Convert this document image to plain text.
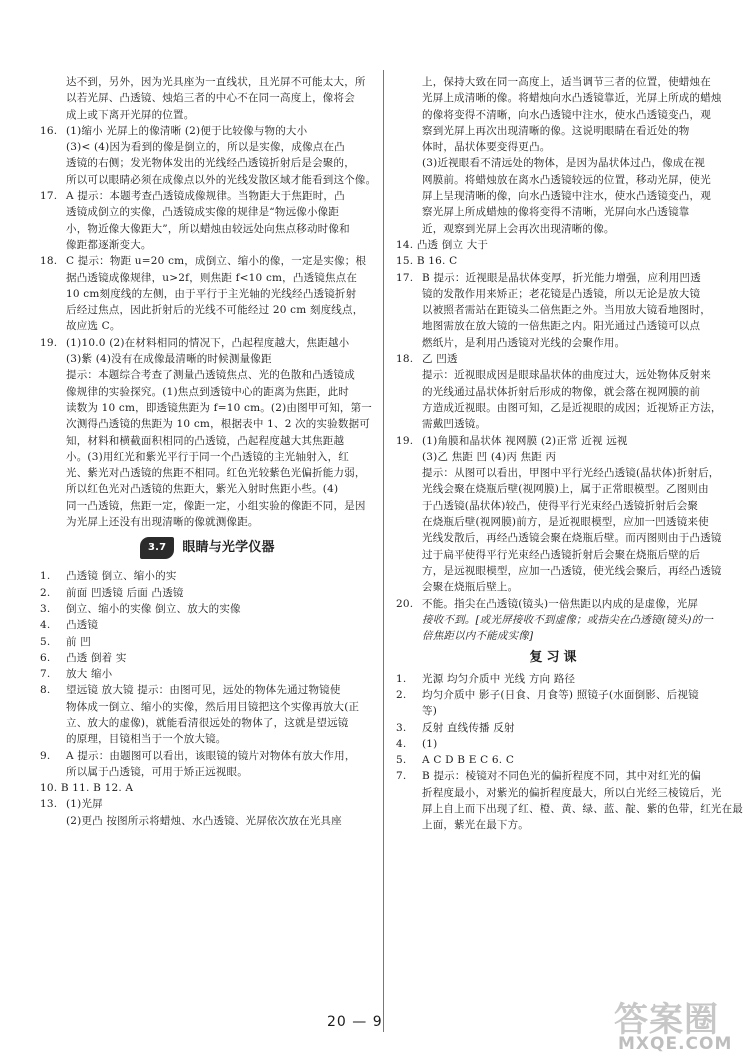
达不到，另外，因为光具座为一直线状，且光屏不可能太大，所
以若光屏、凸透镜、烛焰三者的中心不在同一高度上，像将会
成上或下离开光屏的位置。

16. (1)缩小 光屏上的像清晰 (2)便于比较像与物的大小
(3)< (4)因为看到的像是倒立的，所以是实像，成像点在凸
透镜的右侧；发光物体发出的光线经凸透镜折射后是会聚的，
所以可以眼睛必须在成像点以外的光线发散区域才能看到这个像。
17. A 提示：本题考查凸透镜成像规律。当物距大于焦距时，凸
透镜成倒立的实像，凸透镜成实像的规律是“物远像小像距
小，物近像大像距大”，所以蜡烛由较远处向焦点移动时像和
像距都逐渐变大。
18. C 提示：物距 u=20 cm，成倒立、缩小的像，一定是实像；根
据凸透镜成像规律，u>2f，则焦距 f<10 cm，凸透镜焦点在
10 cm刻度线的左侧，由于平行于主光轴的光线经凸透镜折射
后经过焦点，因此折射后的光线不可能经过 20 cm 刻度线点，
故应选 C。
19. (1)10.0 (2)在材料相同的情况下，凸起程度越大，焦距越小
(3)紫 (4)没有在成像最清晰的时候测量像距
提示：本题综合考查了测量凸透镜焦点、光的色散和凸透镜成
像规律的实验探究。(1)焦点到透镜中心的距离为焦距，此时
读数为 10 cm，即透镜焦距为 f=10 cm。(2)由图甲可知，第一
次测得凸透镜的焦距为 10 cm，根据表中 1、2 次的实验数据可
知，材料和横截面积相同的凸透镜，凸起程度越大其焦距越
小。(3)用红光和紫光平行于同一个凸透镜的主光轴射入，红
光、紫光对凸透镜的焦距不相同。红色光较紫色光偏折能力弱，
所以红色光对凸透镜的焦距大，紫光入射时焦距小些。(4)
同一凸透镜，焦距一定，像距一定，小组实验的像距不同，是因
为光屏上还没有出现清晰的像就测像距。
3.7	眼睛与光学仪器
1. 凸透镜 倒立、缩小的实
2. 前面 凹透镜 后面 凸透镜
3. 倒立、缩小的实像 倒立、放大的实像
4. 凸透镜
5. 前 凹
6. 凸透 倒着 实
7. 放大 缩小
8. 望远镜 放大镜 提示：由图可见，远处的物体先通过物镜使
物体成一倒立、缩小的实像，然后用目镜把这个实像再放大(正
立、放大的虚像)，就能看清很远处的物体了，这就是望远镜
的原理，目镜相当于一个放大镜。
9. A 提示：由题图可以看出，该眼镜的镜片对物体有放大作用，
所以属于凸透镜，可用于矫正远视眼。

10. B 11. B 12. A

13. (1)光屏
(2)更凸 按图所示将蜡烛、水凸透镜、光屏依次放在光具座

上，保持大致在同一高度上，适当调节三者的位置，使蜡烛在
光屏上成清晰的像。将蜡烛向水凸透镜靠近，光屏上所成的蜡烛
的像将变得不清晰，向水凸透镜中注水，使水凸透镜变凸，观
察到光屏上再次出现清晰的像。这说明眼睛在看近处的物
体时，晶状体要变得更凸。
(3)近视眼看不清远处的物体，是因为晶状体过凸，像成在视
网膜前。将蜡烛放在离水凸透镜较远的位置，移动光屏，使光
屏上呈现清晰的像，向水凸透镜中注水，使水凸透镜变凸，观
察光屏上所成蜡烛的像将变得不清晰，光屏向水凸透镜靠
近，观察到光屏上会再次出现清晰的像。

14. 凸透 倒立 大于

15. B 16. C

17. B 提示：近视眼是晶状体变厚，折光能力增强，应利用凹透
镜的发散作用来矫正；老花镜是凸透镜，所以无论是放大镜
以被照者需站在距镜头二倍焦距之外。当用放大镜看地图时，
地图需放在放大镜的一倍焦距之内。阳光通过凸透镜可以点
燃纸片，是利用凸透镜对光线的会聚作用。
18. 乙 凹透
提示：近视眼成因是眼球晶状体的曲度过大，远处物体反射来
的光线通过晶状体折射后形成的物像，就会落在视网膜的前
方造成近视眼。由图可知，乙是近视眼的成因；近视矫正方法，
需戴凹透镜。
19. (1)角膜和晶状体 视网膜 (2)正常 近视 远视
(3)乙 焦距 凹 (4)丙 焦距 丙
提示：从图可以看出，甲图中平行光经凸透镜(晶状体)折射后，
光线会聚在烧瓶后壁(视网膜)上，属于正常眼模型。乙图则由
于凸透镜(晶状体)较凸，使得平行光束经凸透镜折射后会聚
在烧瓶后壁(视网膜)前方，是近视眼模型，应加一凹透镜来使
光线发散后，再经凸透镜会聚在烧瓶后壁。而丙图则由于凸透镜
过于扁平使得平行光束经凸透镜折射后会聚在烧瓶后壁的后
方，是远视眼模型，应加一凸透镜，使光线会聚后，再经凸透镜
会聚在烧瓶后壁上。
20. 不能。指尖在凸透镜(镜头)一倍焦距以内成的是虚像，光屏
接收不到。[或光屏接收不到虚像；或指尖在凸透镜(镜头)的一
倍焦距以内不能成实像]
复习课
1. 光源 均匀介质中 光线 方向 路径
2. 均匀介质中 影子(日食、月食等) 照镜子(水面倒影、后视镜
等)
3. 反射 直线传播 反射
4. (1)
5. A C D B E C 6. C
7. B 提示：棱镜对不同色光的偏折程度不同，其中对红光的偏
折程度最小，对紫光的偏折程度最大，所以白光经三棱镜后，光
屏上自上而下出现了红、橙、黄、绿、蓝、靛、紫的色带，红光在最
上面，紫光在最下方。
20 — 9	答案圈
MXQE.COM
